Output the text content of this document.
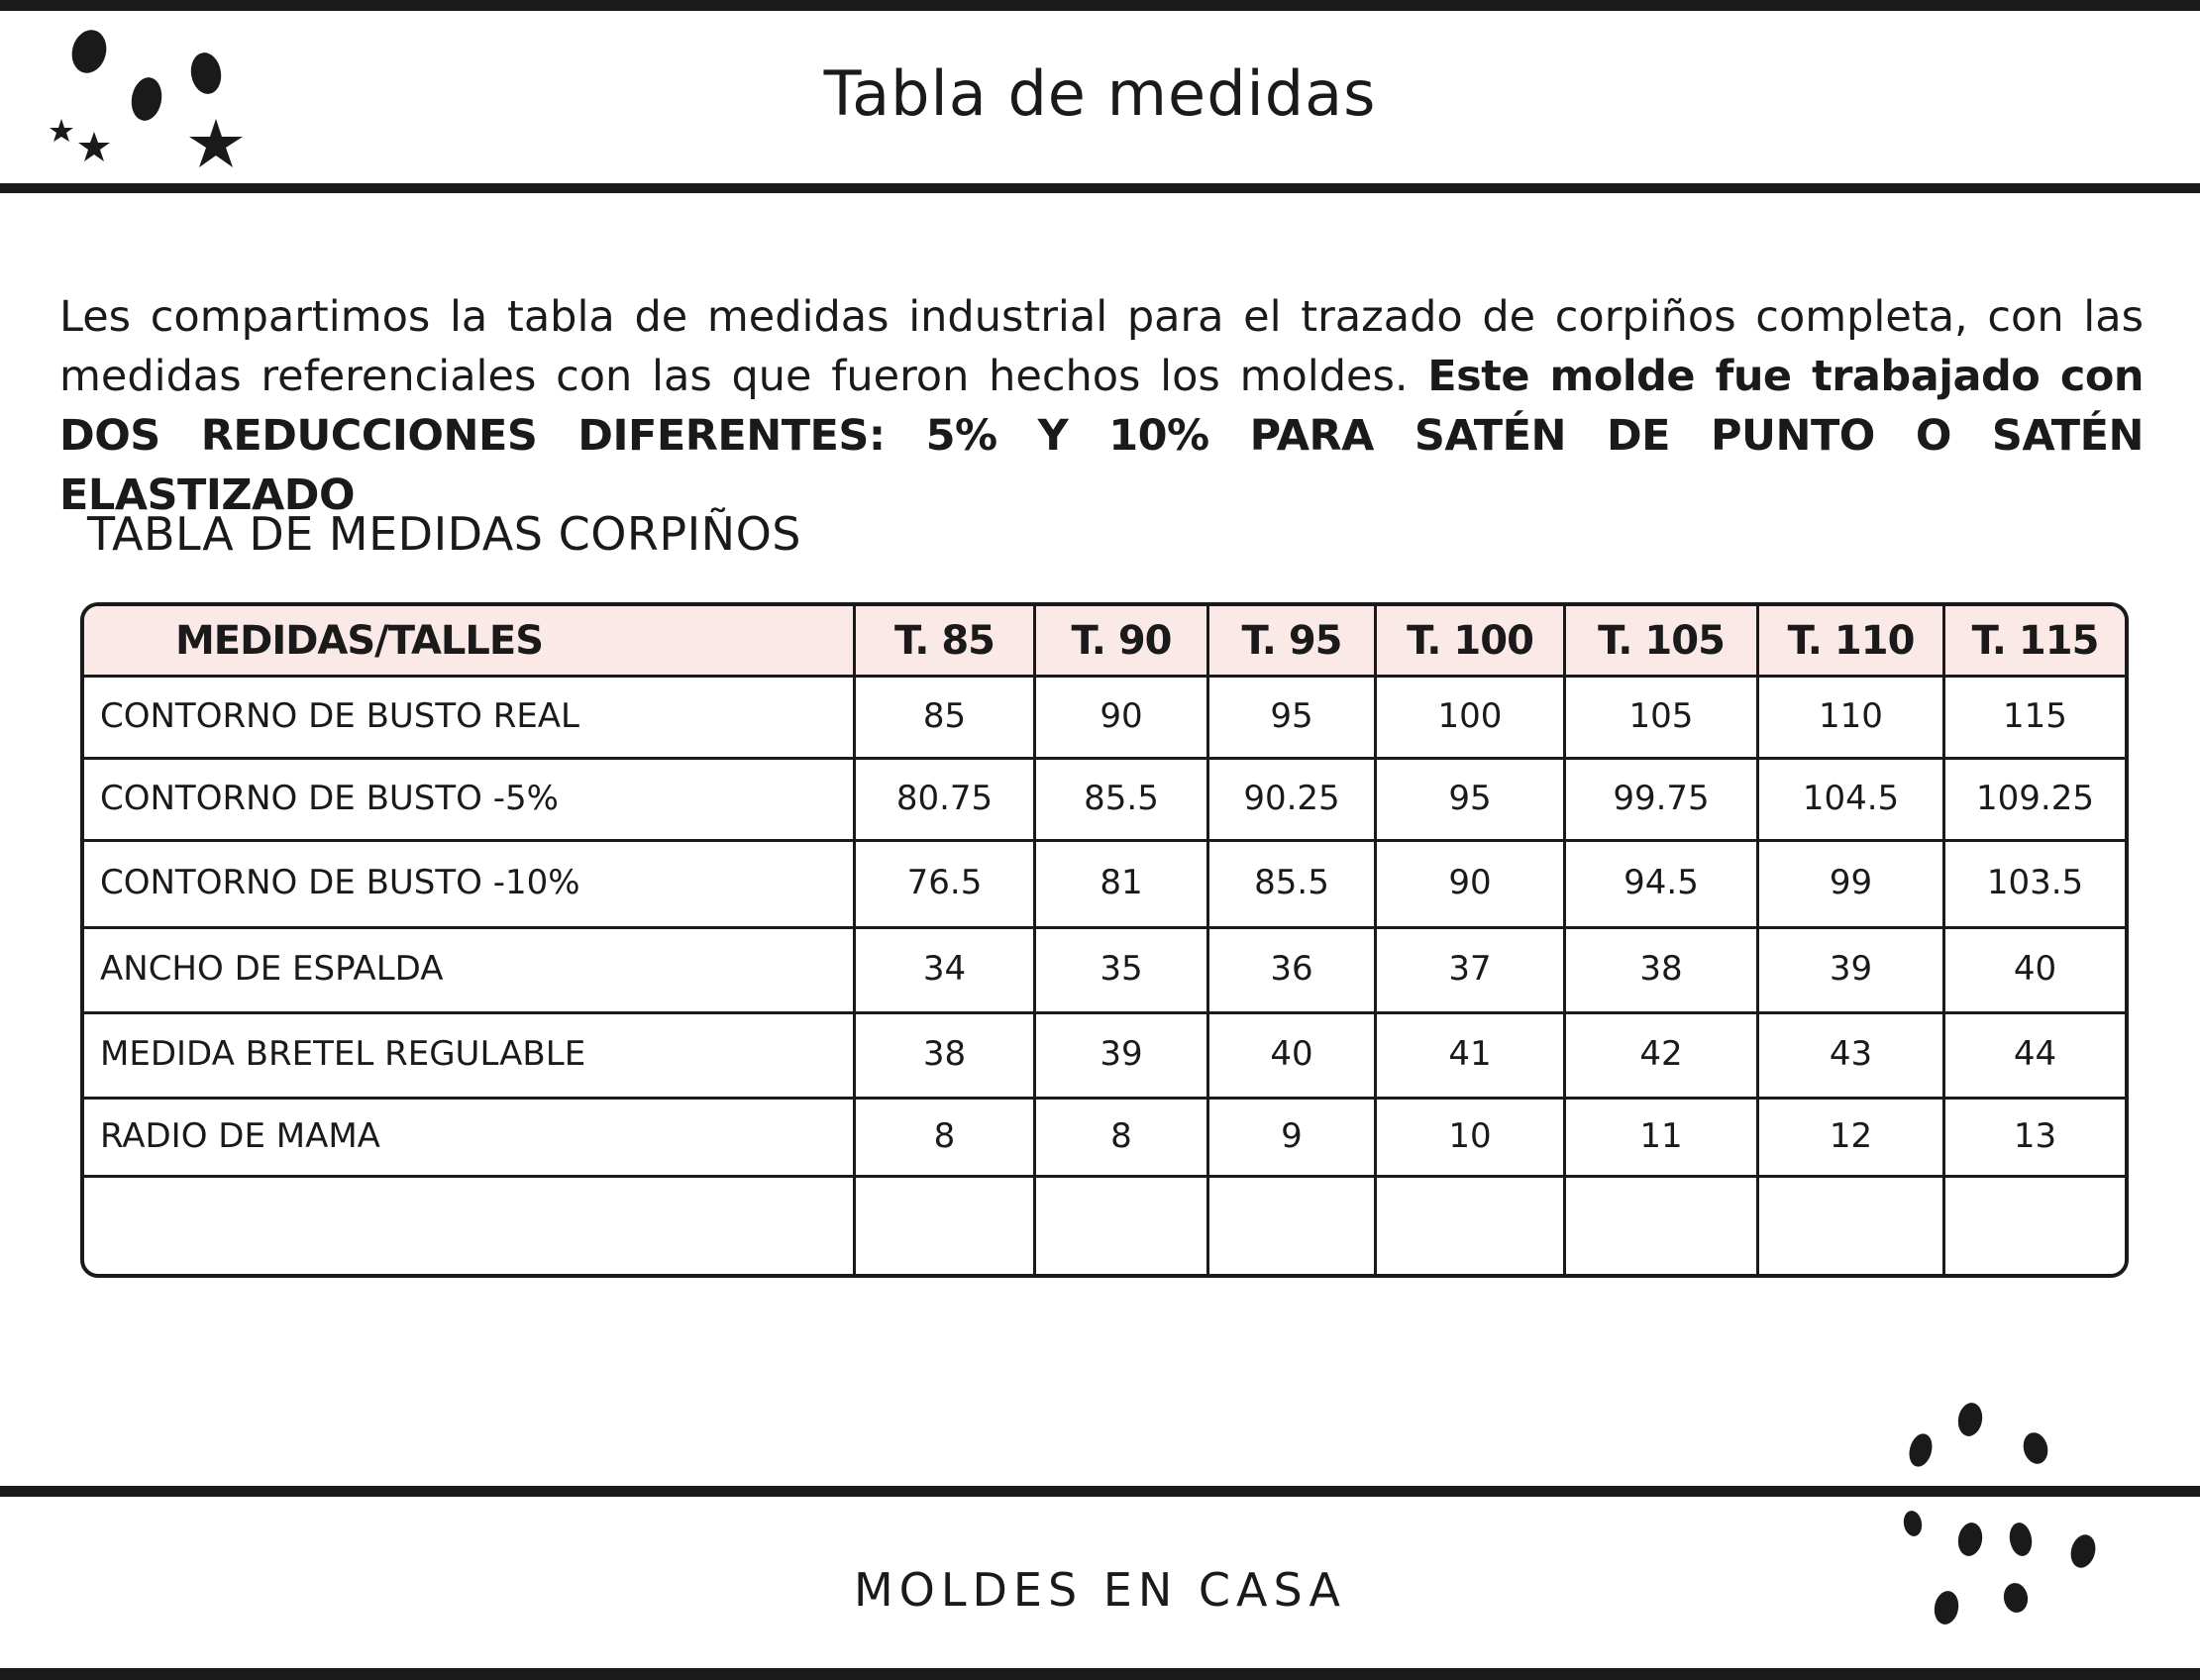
Tabla de medidas
Les compartimos la tabla de medidas industrial para el trazado de corpiños completa, con las medidas referenciales con las que fueron hechos los moldes. Este molde fue trabajado con DOS REDUCCIONES DIFERENTES: 5% Y 10% PARA SATÉN DE PUNTO O SATÉN ELASTIZADO
TABLA DE MEDIDAS CORPIÑOS
MEDIDAS/TALLES	T. 85	T. 90	T. 95	T. 100	T. 105	T. 110	T. 115
CONTORNO DE BUSTO REAL	85	90	95	100	105	110	115
CONTORNO DE BUSTO -5%	80.75	85.5	90.25	95	99.75	104.5	109.25
CONTORNO DE BUSTO -10%	76.5	81	85.5	90	94.5	99	103.5
ANCHO DE ESPALDA	34	35	36	37	38	39	40
MEDIDA BRETEL REGULABLE	38	39	40	41	42	43	44
RADIO DE MAMA	8	8	9	10	11	12	13
MOLDES EN CASA
